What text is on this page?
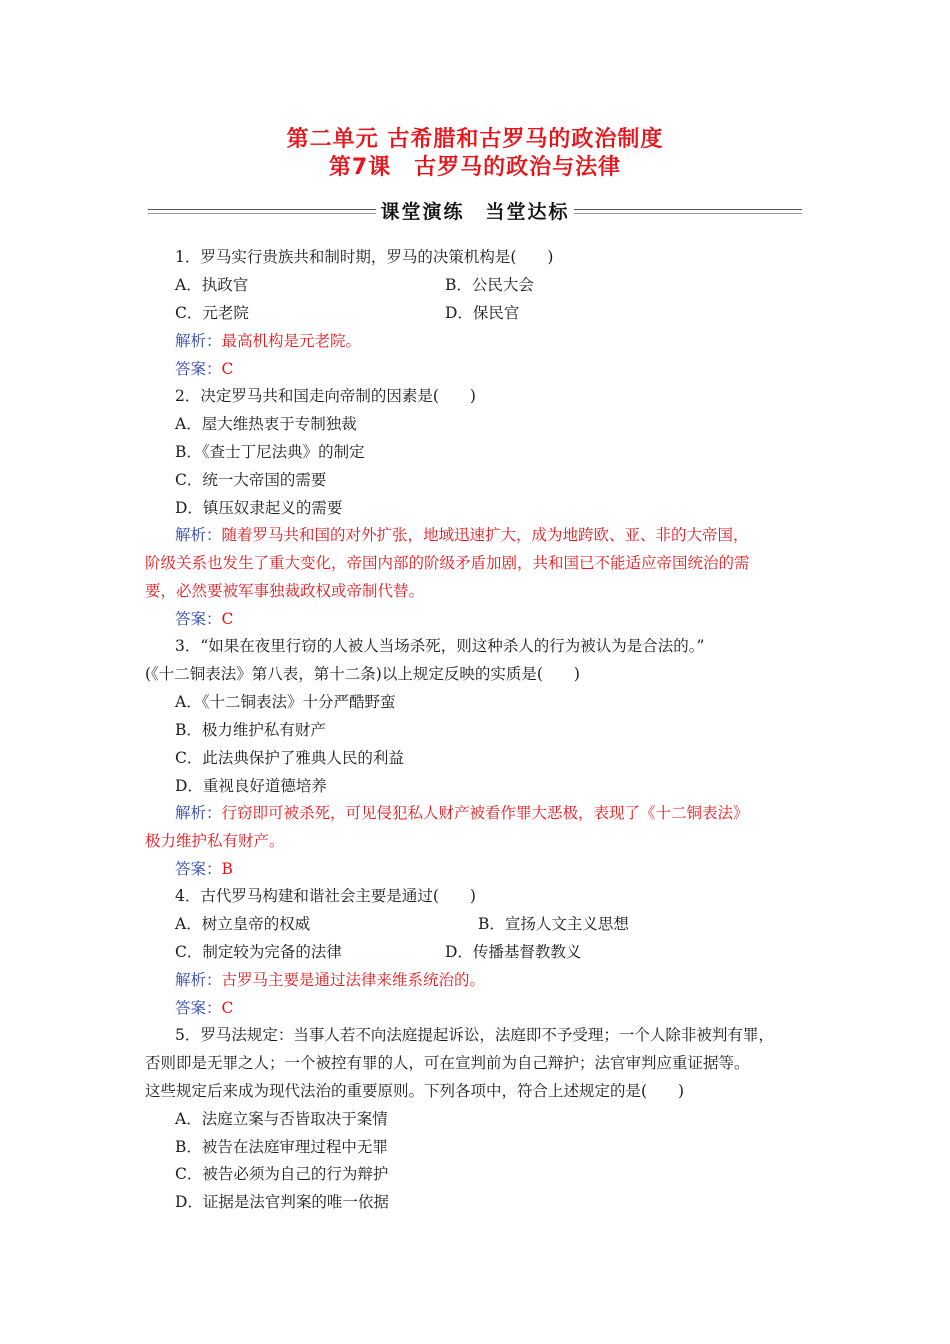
第二单元 古希腊和古罗马的政治制度
第7课　古罗马的政治与法律
课堂演练　当堂达标
1．罗马实行贵族共和制时期，罗马的决策机构是(　　)
A．执政官	B．公民大会
C．元老院	D．保民官
解析：最高机构是元老院。
答案：C
2．决定罗马共和国走向帝制的因素是(　　)
A．屋大维热衷于专制独裁
B．《查士丁尼法典》的制定
C．统一大帝国的需要
D．镇压奴隶起义的需要
解析：随着罗马共和国的对外扩张，地域迅速扩大，成为地跨欧、亚、非的大帝国，
阶级关系也发生了重大变化，帝国内部的阶级矛盾加剧，共和国已不能适应帝国统治的需
要，必然要被军事独裁政权或帝制代替。
答案：C
3．“如果在夜里行窃的人被人当场杀死，则这种杀人的行为被认为是合法的。”
(《十二铜表法》第八表，第十二条)以上规定反映的实质是(　　)
A．《十二铜表法》十分严酷野蛮
B．极力维护私有财产
C．此法典保护了雅典人民的利益
D．重视良好道德培养
解析：行窃即可被杀死，可见侵犯私人财产被看作罪大恶极，表现了《十二铜表法》
极力维护私有财产。
答案：B
4．古代罗马构建和谐社会主要是通过(　　)
A．树立皇帝的权威	B．宣扬人文主义思想
C．制定较为完备的法律	D．传播基督教教义
解析：古罗马主要是通过法律来维系统治的。
答案：C
5．罗马法规定：当事人若不向法庭提起诉讼，法庭即不予受理；一个人除非被判有罪，
否则即是无罪之人；一个被控有罪的人，可在宣判前为自己辩护；法官审判应重证据等。
这些规定后来成为现代法治的重要原则。下列各项中，符合上述规定的是(　　)
A．法庭立案与否皆取决于案情
B．被告在法庭审理过程中无罪
C．被告必须为自己的行为辩护
D．证据是法官判案的唯一依据
